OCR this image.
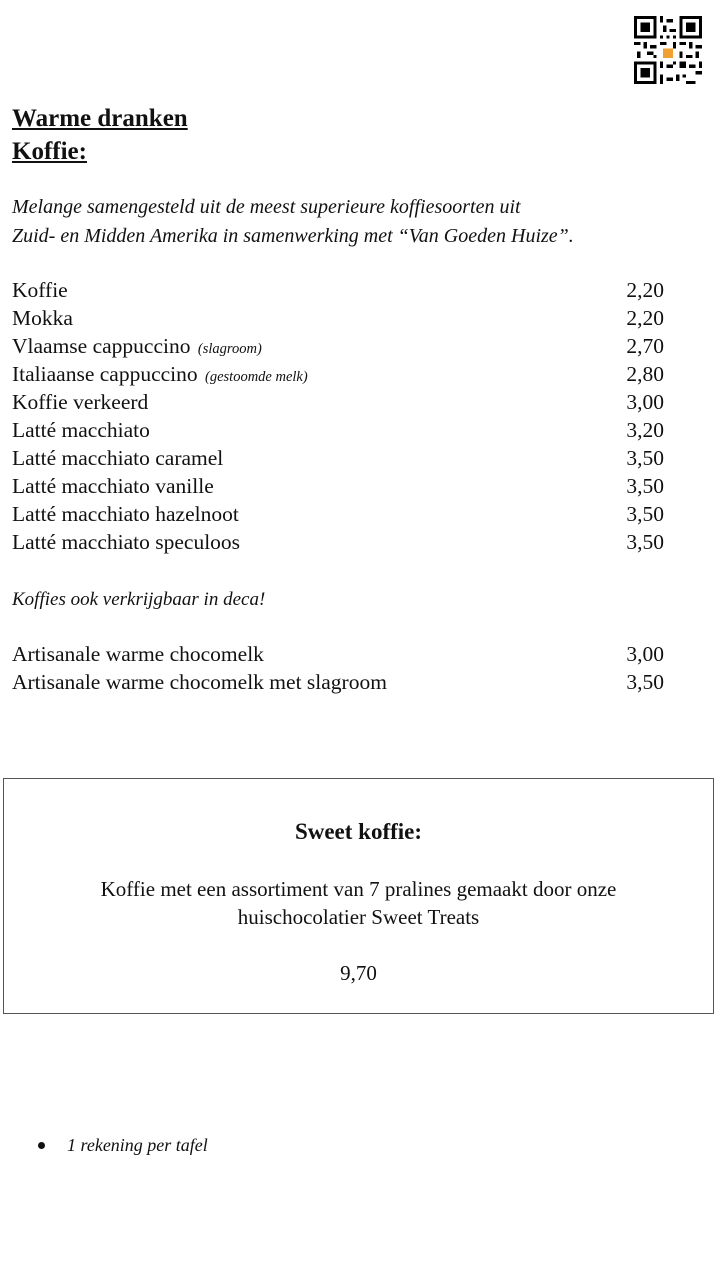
Warme dranken
Koffie:
Melange samengesteld uit de meest superieure koffiesoorten uit
Zuid- en Midden Amerika in samenwerking met “Van Goeden Huize”.
Koffie	2,20
Mokka	2,20
Vlaamse cappuccino (slagroom)	2,70
Italiaanse cappuccino (gestoomde melk)	2,80
Koffie verkeerd	3,00
Latté macchiato	3,20
Latté macchiato caramel	3,50
Latté macchiato vanille	3,50
Latté macchiato hazelnoot	3,50
Latté macchiato speculoos	3,50
Koffies ook verkrijgbaar in deca!
Artisanale warme chocomelk	3,00
Artisanale warme chocomelk met slagroom	3,50
Sweet koffie:
Koffie met een assortiment van 7 pralines gemaakt door onze
huischocolatier Sweet Treats
9,70
1 rekening per tafel
